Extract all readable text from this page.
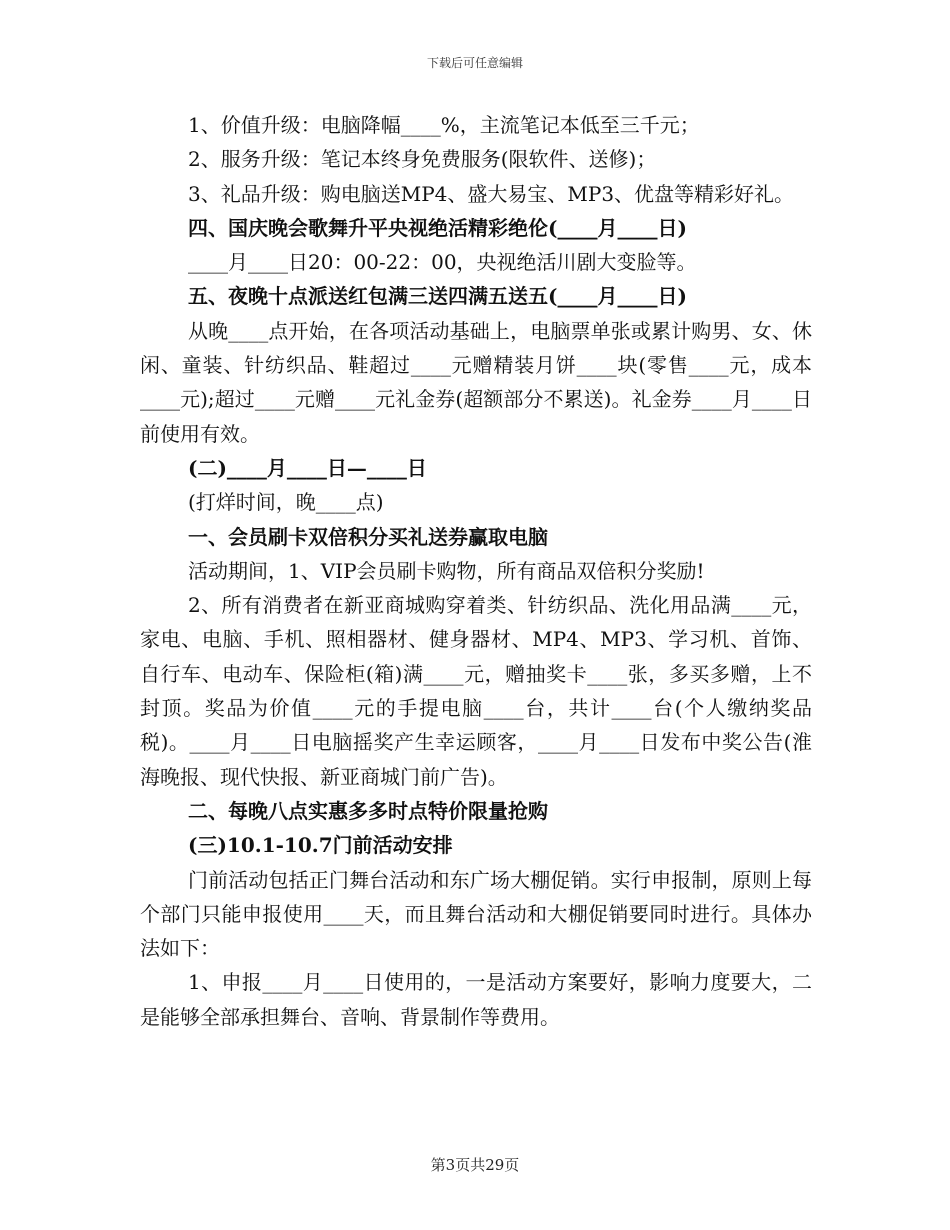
下载后可任意编辑

1、价值升级：电脑降幅____%，主流笔记本低至三千元；

2、服务升级：笔记本终身免费服务(限软件、送修)；

3、礼品升级：购电脑送MP4、盛大易宝、MP3、优盘等精彩好礼。

四、国庆晚会歌舞升平央视绝活精彩绝伦(____月____日)

____月____日20：00-22：00，央视绝活川剧大变脸等。

五、夜晚十点派送红包满三送四满五送五(____月____日)

从晚____点开始，在各项活动基础上，电脑票单张或累计购男、女、休闲、童装、针纺织品、鞋超过____元赠精装月饼____块(零售____元，成本____元);超过____元赠____元礼金券(超额部分不累送)。礼金券____月____日前使用有效。

(二)____月____日—____日

(打烊时间，晚____点)

一、会员刷卡双倍积分买礼送券赢取电脑

活动期间，1、VIP会员刷卡购物，所有商品双倍积分奖励!

2、所有消费者在新亚商城购穿着类、针纺织品、洗化用品满____元，家电、电脑、手机、照相器材、健身器材、MP4、MP3、学习机、首饰、自行车、电动车、保险柜(箱)满____元，赠抽奖卡____张，多买多赠，上不封顶。奖品为价值____元的手提电脑____台，共计____台(个人缴纳奖品税)。____月____日电脑摇奖产生幸运顾客，____月____日发布中奖公告(淮海晚报、现代快报、新亚商城门前广告)。

二、每晚八点实惠多多时点特价限量抢购

(三)10.1-10.7门前活动安排

门前活动包括正门舞台活动和东广场大棚促销。实行申报制，原则上每个部门只能申报使用____天，而且舞台活动和大棚促销要同时进行。具体办法如下：

1、申报____月____日使用的，一是活动方案要好，影响力度要大，二是能够全部承担舞台、音响、背景制作等费用。

第3页共29页
